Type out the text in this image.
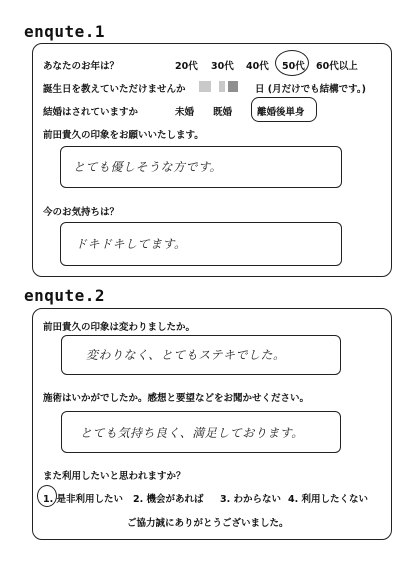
enqute.1
あなたのお年は？	20代 30代 40代 50代 60代以上
誕生日を教えていただけませんか	日 (月だけでも結構です。)
結婚はされていますか	未婚 既婚	離婚後単身
前田貴久の印象をお願いいたします。
とても優しそうな方です。
今のお気持ちは？
ドキドキしてます。
enqute.2
前田貴久の印象は変わりましたか。
変わりなく、とてもステキでした。
施術はいかがでしたか。感想と要望などをお聞かせください。
とても気持ち良く、満足しております。
また利用したいと思われますか？
1. 是非利用したい 2. 機会があれば 3. わからない 4. 利用したくない
ご協力誠にありがとうございました。
